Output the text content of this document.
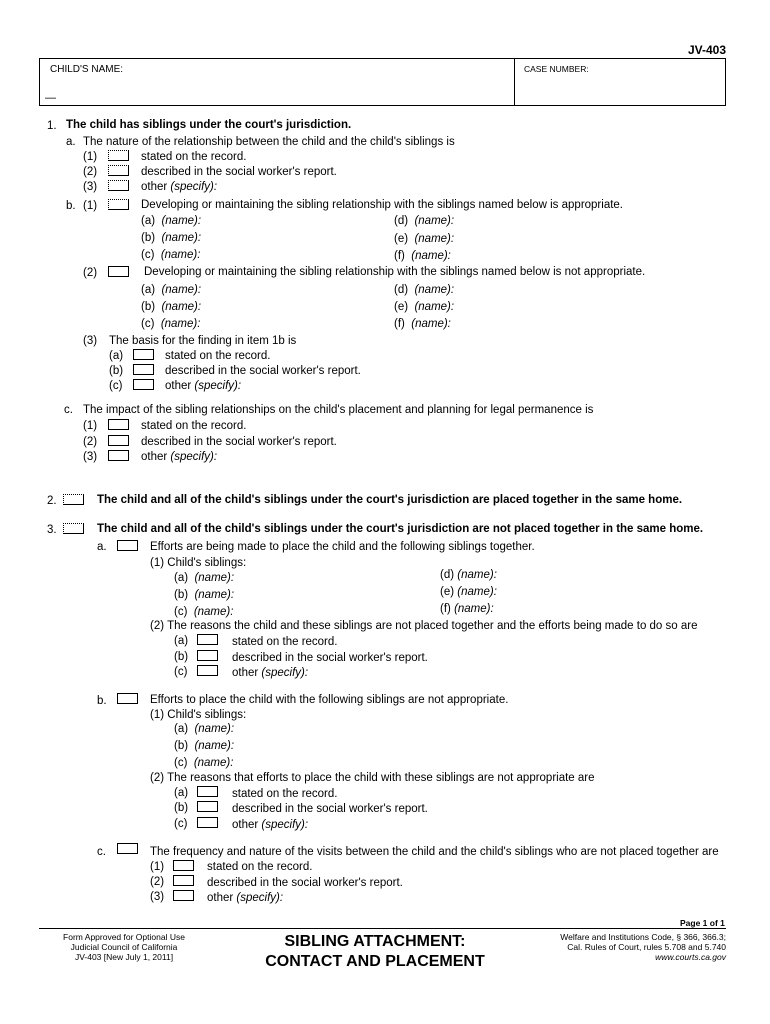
JV-403
CHILD'S NAME:	CASE NUMBER:
—
1. The child has siblings under the court's jurisdiction.
a. The nature of the relationship between the child and the child's siblings is
(1)	stated on the record.
(2)	described in the social worker's report.
(3)	other (specify):
b. (1)	Developing or maintaining the sibling relationship with the siblings named below is appropriate.
(a) (name):
(b) (name):
(c) (name):
(d) (name):
(e) (name):
(f) (name):
(2)	Developing or maintaining the sibling relationship with the siblings named below is not appropriate.
(a) (name):
(b) (name):
(c) (name):
(d) (name):
(e) (name):
(f) (name):
(3) The basis for the finding in item 1b is
(a)	stated on the record.
(b)	described in the social worker's report.
(c)	other (specify):
c. The impact of the sibling relationships on the child's placement and planning for legal permanence is
(1)	stated on the record.
(2)	described in the social worker's report.
(3)	other (specify):
2.	The child and all of the child's siblings under the court's jurisdiction are placed together in the same home.
3.	The child and all of the child's siblings under the court's jurisdiction are not placed together in the same home.
a.	Efforts are being made to place the child and the following siblings together.
(1) Child's siblings:
(a) (name):
(b) (name):
(c) (name):
(d) (name):
(e) (name):
(f) (name):
(2) The reasons the child and these siblings are not placed together and the efforts being made to do so are
(a)	stated on the record.
(b)	described in the social worker's report.
(c)	other (specify):
b.	Efforts to place the child with the following siblings are not appropriate.
(1) Child's siblings:
(a) (name):
(b) (name):
(c) (name):
(2) The reasons that efforts to place the child with these siblings are not appropriate are
(a)	stated on the record.
(b)	described in the social worker's report.
(c)	other (specify):
c.	The frequency and nature of the visits between the child and the child's siblings who are not placed together are
(1)	stated on the record.
(2)	described in the social worker's report.
(3)	other (specify):
Page 1 of 1
Form Approved for Optional Use
Judicial Council of California
JV-403 [New July 1, 2011]
SIBLING ATTACHMENT:
CONTACT AND PLACEMENT
Welfare and Institutions Code, § 366, 366.3;
Cal. Rules of Court, rules 5.708 and 5.740
www.courts.ca.gov
